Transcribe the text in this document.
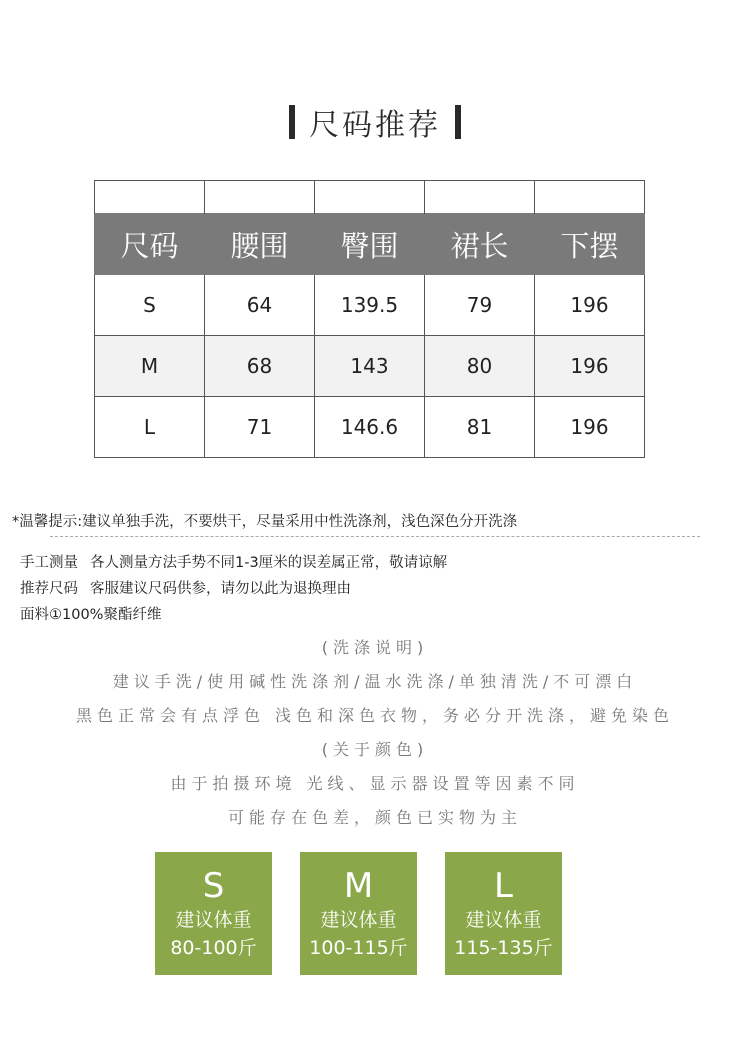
尺码推荐

尺码	腰围	臀围	裙长	下摆
S	64	139.5	79	196
M	68	143	80	196
L	71	146.6	81	196

*温馨提示:建议单独手洗，不要烘干，尽量采用中性洗涤剂，浅色深色分开洗涤

手工测量 各人测量方法手势不同1-3厘米的误差属正常，敬请谅解
推荐尺码 客服建议尺码供参，请勿以此为退换理由
面料①100%聚酯纤维
(洗涤说明)
建议手洗/使用碱性洗涤剂/温水洗涤/单独清洗/不可漂白
黑色正常会有点浮色 浅色和深色衣物，务必分开洗涤，避免染色
(关于颜色)
由于拍摄环境 光线、显示器设置等因素不同
可能存在色差，颜色已实物为主
S
建议体重
80-100斤
M
建议体重
100-115斤
L
建议体重
115-135斤
